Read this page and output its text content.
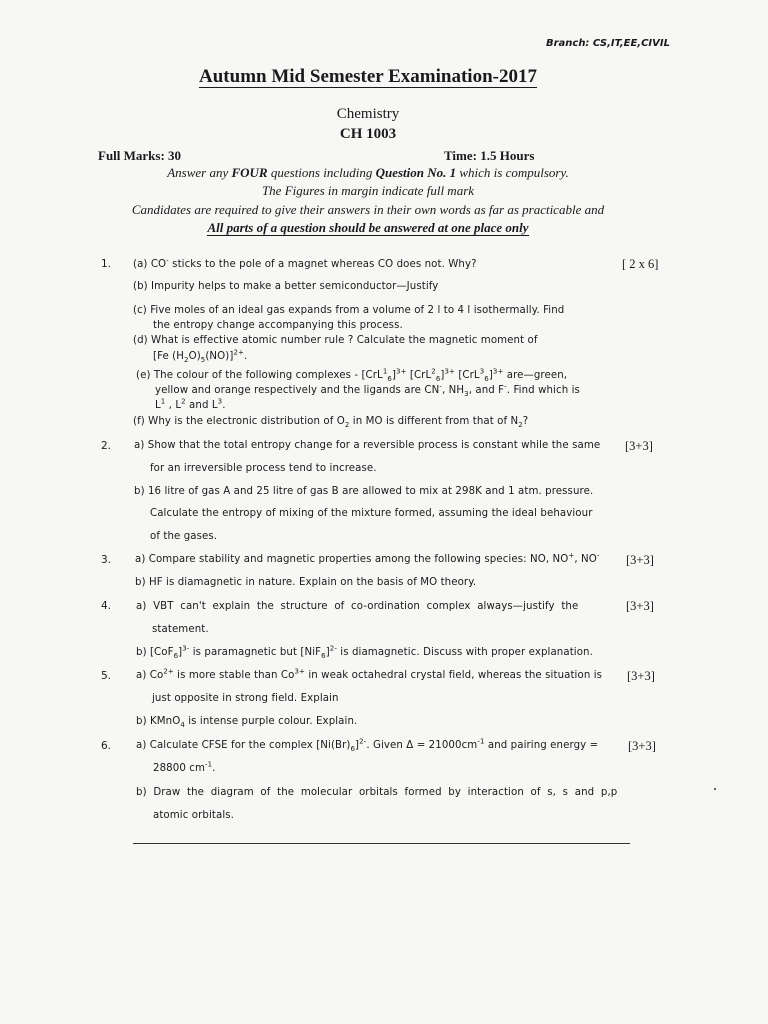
Branch: CS,IT,EE,CIVIL
Autumn Mid Semester Examination-2017
Chemistry
CH 1003
Full Marks: 30	Time: 1.5 Hours
Answer any FOUR questions including Question No. 1 which is compulsory.
The Figures in margin indicate full mark
Candidates are required to give their answers in their own words as far as practicable and
All parts of a question should be answered at one place only
1.	[ 2 x 6]
(a) CO- sticks to the pole of a magnet whereas CO does not. Why?
(b) Impurity helps to make a better semiconductor—Justify
(c) Five moles of an ideal gas expands from a volume of 2 l to 4 l isothermally. Find
the entropy change accompanying this process.
(d) What is effective atomic number rule ? Calculate the magnetic moment of
[Fe $(H_2O)_5(NO)]^{2+}$.
(e) The colour of the following complexes - $[CrL^1_6]^{3+}$ $[CrL^2_6]^{3+}$ $[CrL^3_6]^{3+}$ are—green,
yellow and orange respectively and the ligands are CN-, $NH_3$, and F-. Find which is
$L^1$ , $L^2$ and $L^3$.
(f) Why is the electronic distribution of $O_2$ in MO is different from that of $N_2$?
2.	[3+3]
a) Show that the total entropy change for a reversible process is constant while the same
for an irreversible process tend to increase.
b) 16 litre of gas A and 25 litre of gas B are allowed to mix at 298K and 1 atm. pressure.
Calculate the entropy of mixing of the mixture formed, assuming the ideal behaviour
of the gases.
3.	[3+3]
a) Compare stability and magnetic properties among the following species: NO, NO+, NO-
b) HF is diamagnetic in nature. Explain on the basis of MO theory.
4.	[3+3]
a)  VBT  can't  explain  the  structure  of  co-ordination  complex  always—justify  the
statement.
b) $[CoF_6]^{3-}$ is paramagnetic but $[NiF_6]^{2-}$ is diamagnetic. Discuss with proper explanation.
5.	[3+3]
a) $Co^{2+}$ is more stable than $Co^{3+}$ in weak octahedral crystal field, whereas the situation is
just opposite in strong field. Explain
b) KMnO$_4$ is intense purple colour. Explain.
6.	[3+3]
a) Calculate CFSE for the complex $[Ni(Br)_6]^{2-}$. Given $\Delta = 21000cm^{-1}$ and pairing energy =
28800 $cm^{-1}$.
b)  Draw  the  diagram  of  the  molecular  orbitals  formed  by  interaction  of  s,  s  and  p,p
atomic orbitals.
